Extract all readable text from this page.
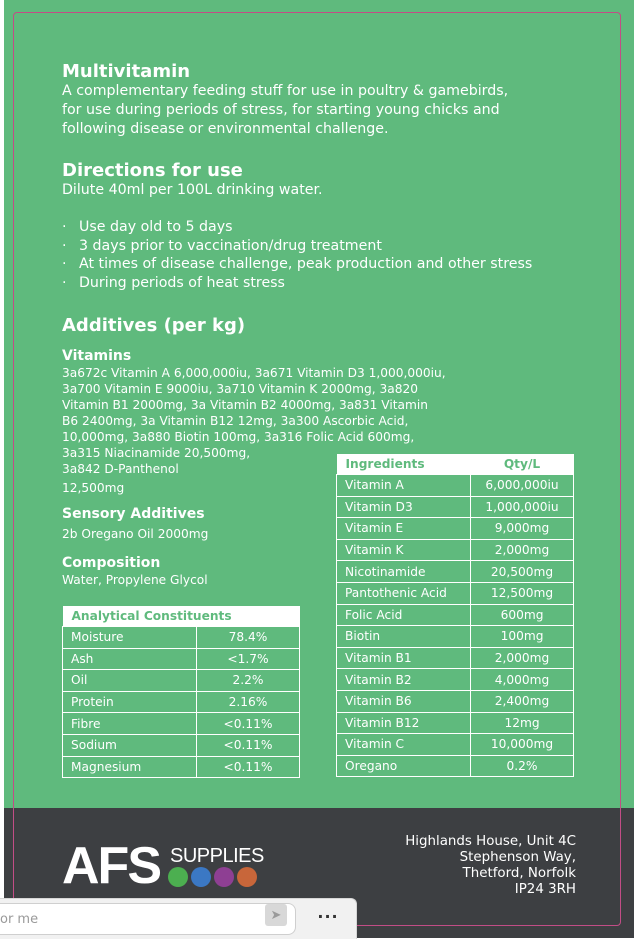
Multivitamin
A complementary feeding stuff for use in poultry & gamebirds,
for use during periods of stress, for starting young chicks and
following disease or environmental challenge.
Directions for use

Dilute 40ml per 100L drinking water.

· Use day old to 5 days
· 3 days prior to vaccination/drug treatment
· At times of disease challenge, peak production and other stress
· During periods of heat stress
Additives (per kg)
Vitamins
3a672c Vitamin A 6,000,000iu, 3a671 Vitamin D3 1,000,000iu,
3a700 Vitamin E 9000iu, 3a710 Vitamin K 2000mg, 3a820
Vitamin B1 2000mg, 3a Vitamin B2 4000mg, 3a831 Vitamin
B6 2400mg, 3a Vitamin B12 12mg, 3a300 Ascorbic Acid,
10,000mg, 3a880 Biotin 100mg, 3a316 Folic Acid 600mg,
3a315 Niacinamide 20,500mg,
3a842 D-Panthenol
12,500mg
Sensory Additives

2b Oregano Oil 2000mg

Composition

Water, Propylene Glycol

Analytical Constituents	
Moisture	78.4%
Ash	<1.7%
Oil	2.2%
Protein	2.16%
Fibre	<0.11%
Sodium	<0.11%
Magnesium	<0.11%
Ingredients	Qty/L
Vitamin A	6,000,000iu
Vitamin D3	1,000,000iu
Vitamin E	9,000mg
Vitamin K	2,000mg
Nicotinamide	20,500mg
Pantothenic Acid	12,500mg
Folic Acid	600mg
Biotin	100mg
Vitamin B1	2,000mg
Vitamin B2	4,000mg
Vitamin B6	2,400mg
Vitamin B12	12mg
Vitamin C	10,000mg
Oregano	0.2%
AFS SUPPLIES
Highlands House, Unit 4C
Stephenson Way,
Thetford, Norfolk
IP24 3RH
or me	➤	···
